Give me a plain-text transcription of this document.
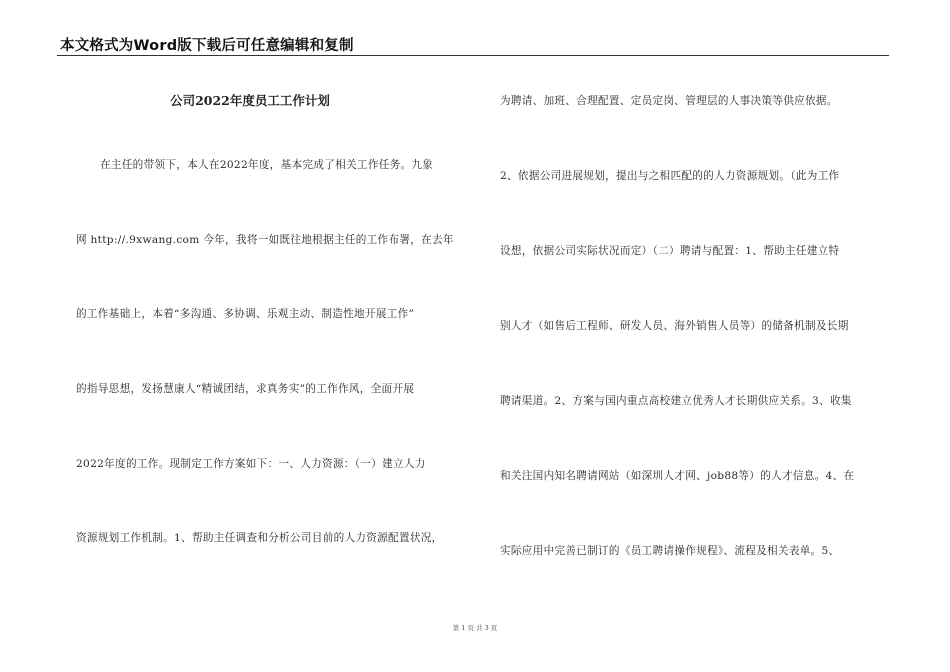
本文格式为Word版下载后可任意编辑和复制
公司2022年度员工工作计划
在主任的带领下，本人在2022年度，基本完成了相关工作任务。九象
网 http://.9xwang.com 今年，我将一如既往地根据主任的工作布署，在去年
的工作基础上，本着“多沟通、多协调、乐观主动、制造性地开展工作”
的指导思想，发扬慧康人“精诚团结，求真务实”的工作作风，全面开展
2022年度的工作。现制定工作方案如下：一、人力资源：（一）建立人力
资源规划工作机制。1、帮助主任调查和分析公司目前的人力资源配置状况，
为聘请、加班、合理配置、定员定岗、管理层的人事决策等供应依据。
2、依据公司进展规划，提出与之相匹配的的人力资源规划。（此为工作
设想，依据公司实际状况而定）（二）聘请与配置：1、帮助主任建立特
别人才（如售后工程师、研发人员、海外销售人员等）的储备机制及长期
聘请渠道。2、方案与国内重点高校建立优秀人才长期供应关系。3、收集
和关注国内知名聘请网站（如深圳人才网、job88等）的人才信息。4、在
实际应用中完善已制订的《员工聘请操作规程》、流程及相关表单。5、
第 1 页 共 3 页
